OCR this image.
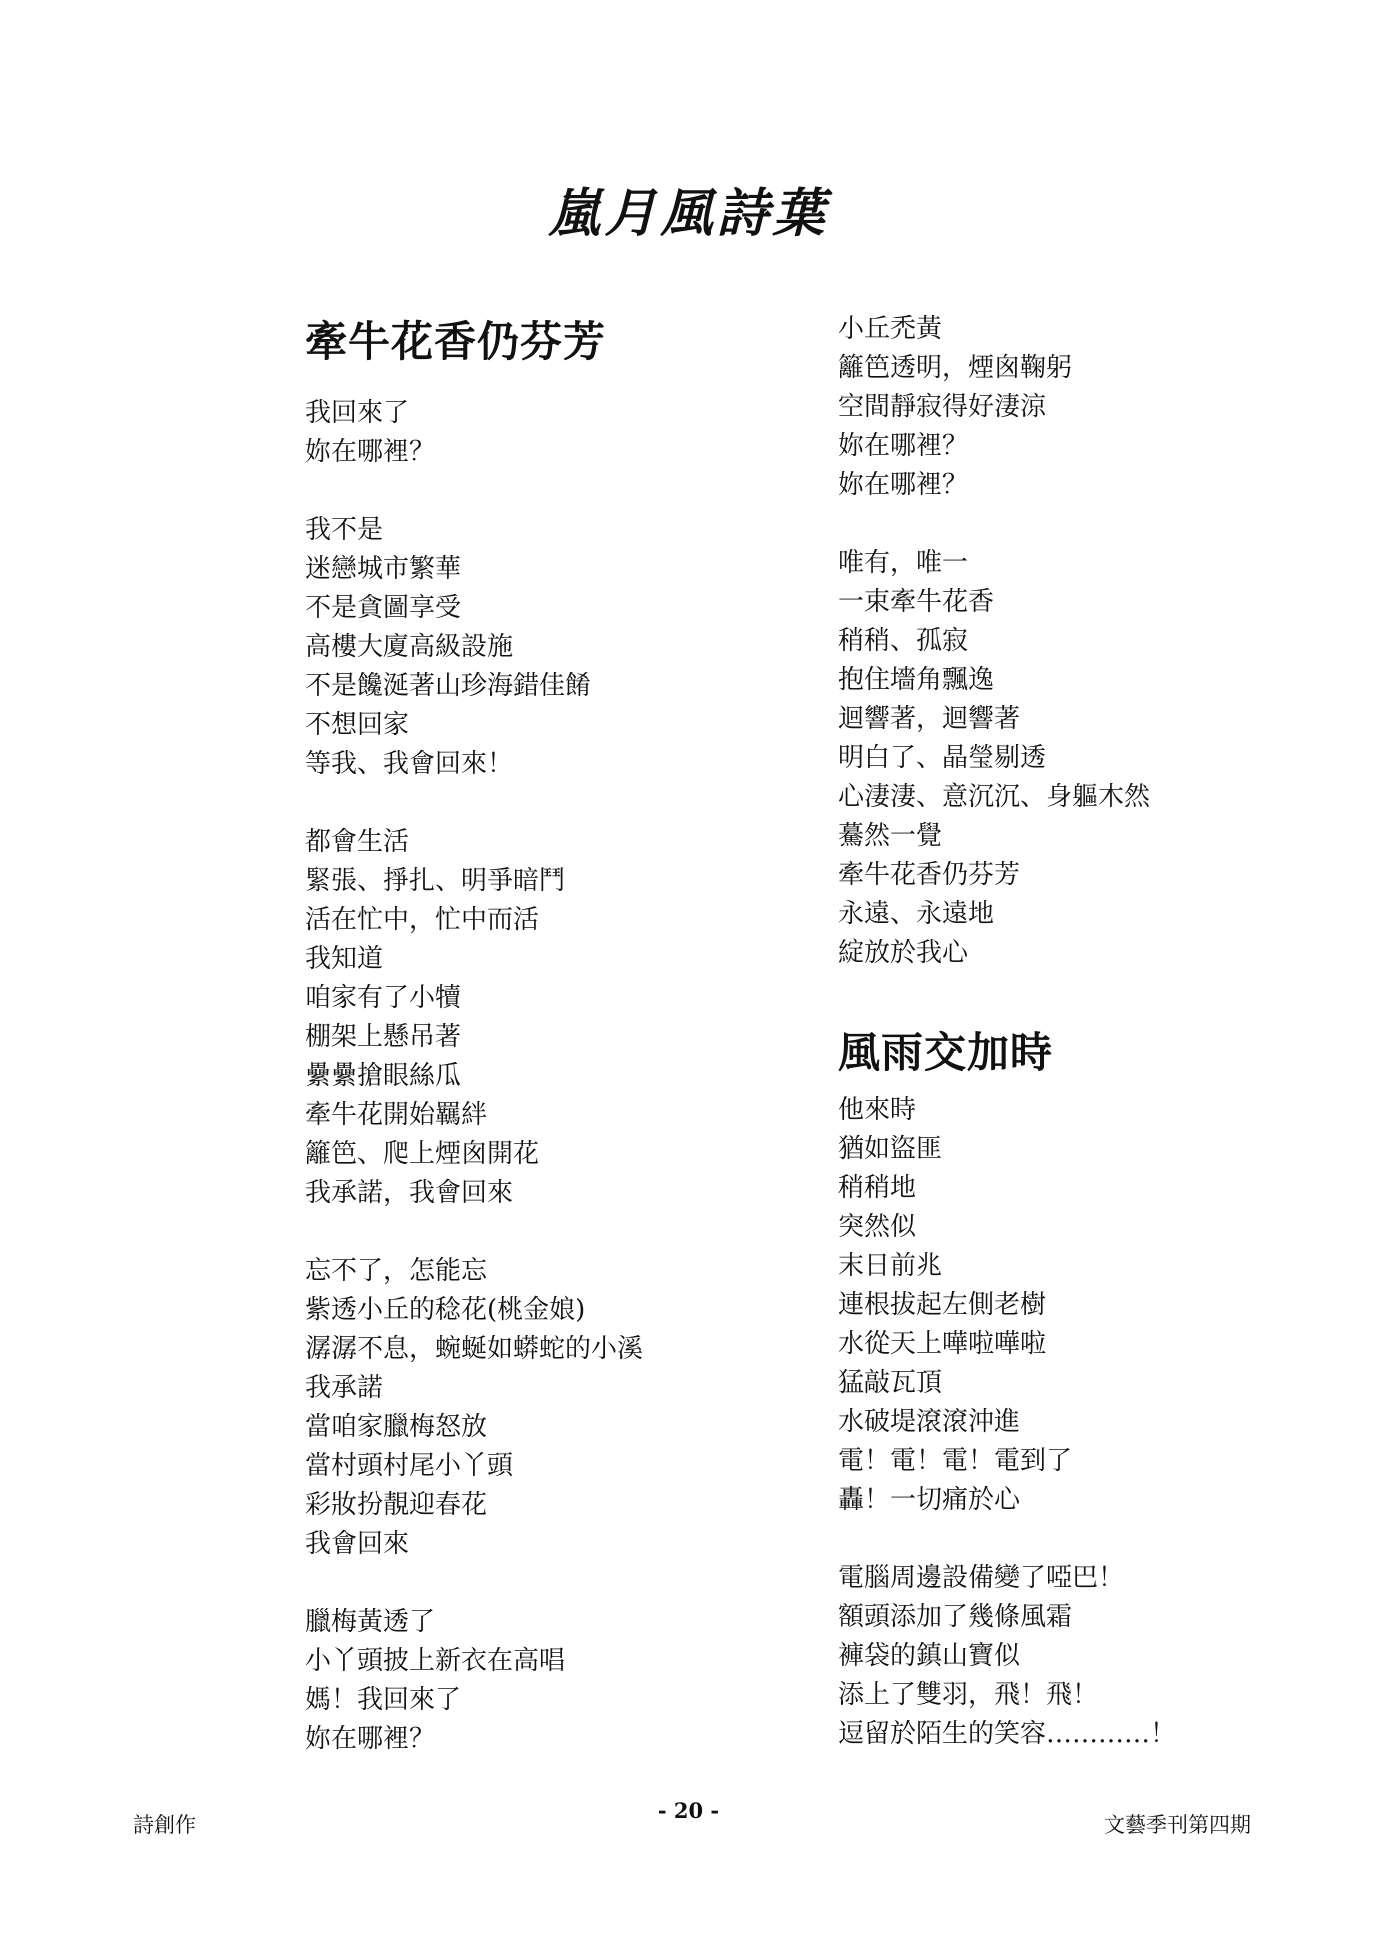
嵐月風詩葉
牽牛花香仍芬芳
我回來了
妳在哪裡？
我不是
迷戀城市繁華
不是貪圖享受
高樓大廈高級設施
不是饞涎著山珍海錯佳餚
不想回家
等我、我會回來！
都會生活
緊張、掙扎、明爭暗鬥
活在忙中，忙中而活
我知道
咱家有了小犢
棚架上懸吊著
纍纍搶眼絲瓜
牽牛花開始羈絆
籬笆、爬上煙囪開花
我承諾，我會回來
忘不了，怎能忘
紫透小丘的稔花(桃金娘)
潺潺不息，蜿蜒如蟒蛇的小溪
我承諾
當咱家臘梅怒放
當村頭村尾小丫頭
彩妝扮靚迎春花
我會回來
臘梅黃透了
小丫頭披上新衣在高唱
媽！我回來了
妳在哪裡？
小丘禿黃
籬笆透明，煙囪鞠躬
空間靜寂得好淒涼
妳在哪裡？
妳在哪裡？
唯有，唯一
一束牽牛花香
稍稍、孤寂
抱住墻角飄逸
迴響著，迴響著
明白了、晶瑩剔透
心淒淒、意沉沉、身軀木然
驀然一覺
牽牛花香仍芬芳
永遠、永遠地
綻放於我心
風雨交加時
他來時
猶如盜匪
稍稍地
突然似
末日前兆
連根拔起左側老樹
水從天上嘩啦嘩啦
猛敲瓦頂
水破堤滾滾沖進
電！電！電！電到了
轟！一切痛於心
電腦周邊設備變了啞巴！
額頭添加了幾條風霜
褲袋的鎮山寶似
添上了雙羽，飛！飛！
逗留於陌生的笑容…………！
詩創作
- 20 -
文藝季刊第四期
